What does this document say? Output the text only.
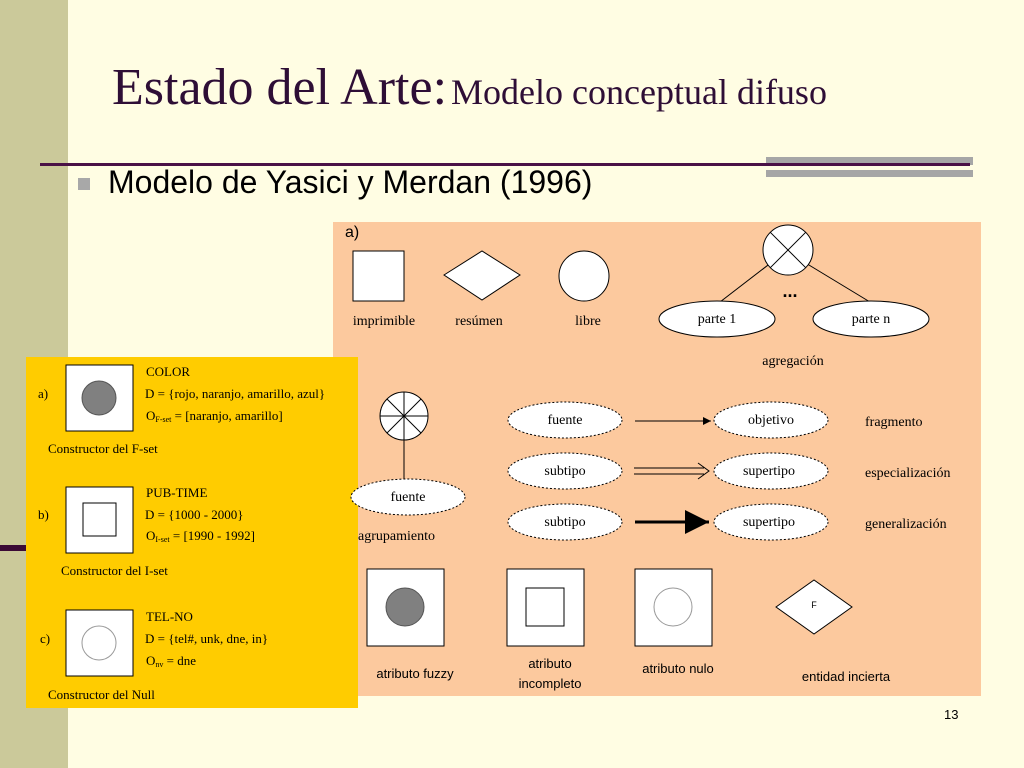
Estado del Arte: Modelo conceptual difuso
Modelo de Yasici y Merdan (1996)
a)
imprimible	resúmen	libre	parte 1	parte n
...
agregación
fuente
agrupamiento
fuente	objetivo	fragmento
subtipo	supertipo	especialización
subtipo	supertipo	generalización
atributo fuzzy
atributo
incompleto
atributo nulo
entidad incierta
F
a)
COLOR
D = {rojo, naranjo, amarillo, azul}
$O_{F-set}$ = [naranjo, amarillo]
Constructor del F-set
b)
PUB-TIME
D = {1000 - 2000}
$O_{I-set} = [1990 - 1992]$
Constructor del I-set
c)
TEL-NO
D = {tel#, unk, dne, in}
$O_{nv}$ = dne
Constructor del Null
13
